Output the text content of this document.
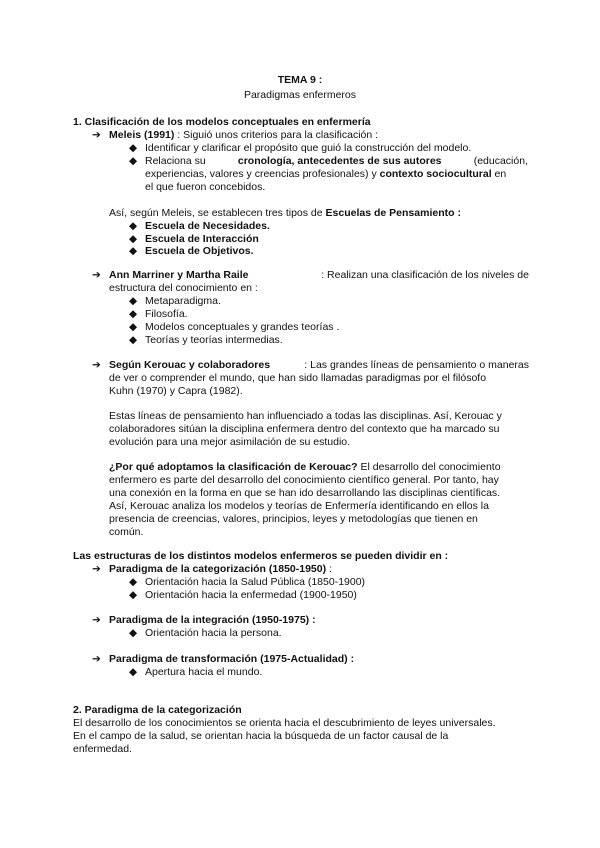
TEMA 9 :
Paradigmas enfermeros
1. Clasificación de los modelos conceptuales en enfermería
➔ Meleis (1991) : Siguió unos criterios para la clasificación :
◆ Identificar y clarificar el propósito que guió la construcción del modelo.
◆ Relaciona su	cronología, antecedentes de sus autores	(educación,
experiencias, valores y creencias profesionales) y contexto sociocultural en
el que fueron concebidos.
Así, según Meleis, se establecen tres tipos de Escuelas de Pensamiento :
◆ Escuela de Necesidades.
◆ Escuela de Interacción
◆ Escuela de Objetivos.
➔ Ann Marriner y Martha Raile	: Realizan una clasificación de los niveles de
estructura del conocimiento en :
◆ Metaparadigma.
◆ Filosofía.
◆ Modelos conceptuales y grandes teorías .
◆ Teorías y teorías intermedias.
➔ Según Kerouac y colaboradores	: Las grandes líneas de pensamiento o maneras
de ver o comprender el mundo, que han sido llamadas paradigmas por el filósofo
Kuhn (1970) y Capra (1982).
Estas líneas de pensamiento han influenciado a todas las disciplinas. Así, Kerouac y
colaboradores sitúan la disciplina enfermera dentro del contexto que ha marcado su
evolución para una mejor asimilación de su estudio.
¿Por qué adoptamos la clasificación de Kerouac? El desarrollo del conocimiento
enfermero es parte del desarrollo del conocimiento científico general. Por tanto, hay
una conexión en la forma en que se han ido desarrollando las disciplinas científicas.
Así, Kerouac analiza los modelos y teorías de Enfermería identificando en ellos la
presencia de creencias, valores, principios, leyes y metodologías que tienen en
común.
Las estructuras de los distintos modelos enfermeros se pueden dividir en :
➔ Paradigma de la categorización (1850-1950) :
◆ Orientación hacia la Salud Pública (1850-1900)
◆ Orientación hacia la enfermedad (1900-1950)
➔ Paradigma de la integración (1950-1975) :
◆ Orientación hacia la persona.
➔ Paradigma de transformación (1975-Actualidad) :
◆ Apertura hacia el mundo.
2. Paradigma de la categorización
El desarrollo de los conocimientos se orienta hacia el descubrimiento de leyes universales.
En el campo de la salud, se orientan hacia la búsqueda de un factor causal de la
enfermedad.
